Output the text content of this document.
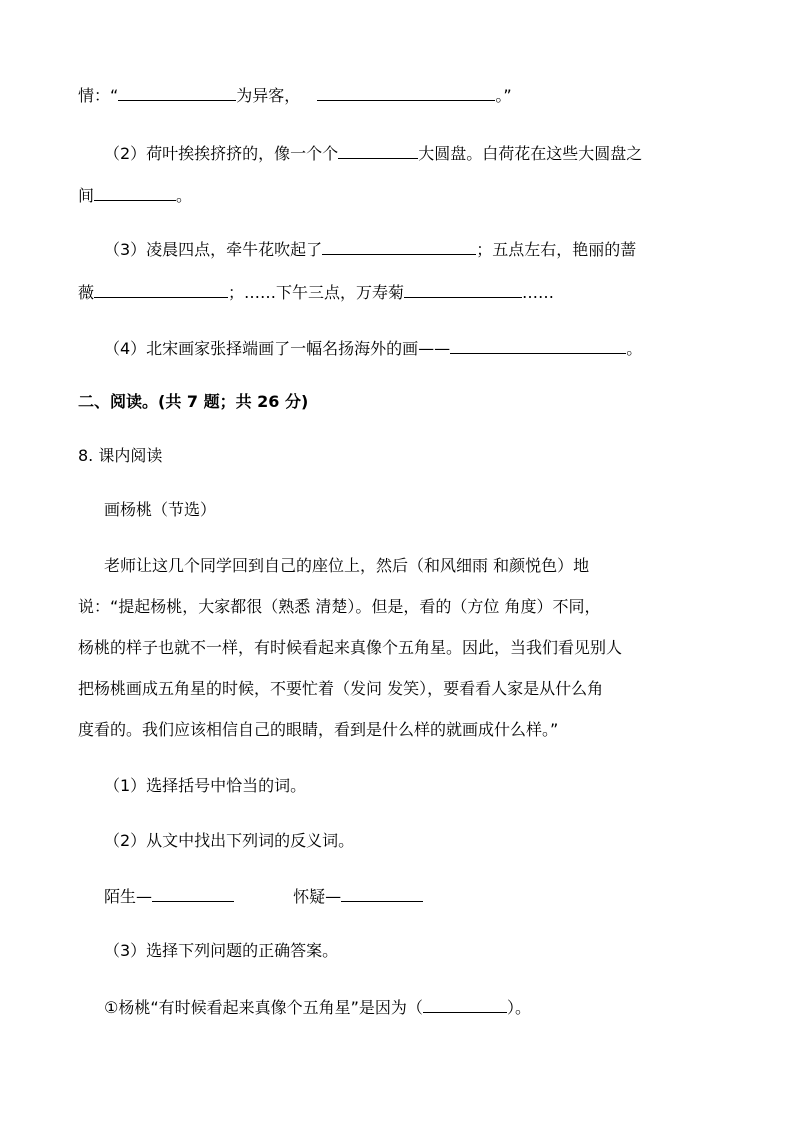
情：“	为异客，	。”
（2）荷叶挨挨挤挤的，像一个个	大圆盘。白荷花在这些大圆盘之
间	。
（3）凌晨四点，牵牛花吹起了	；五点左右，艳丽的蔷
薇	；……下午三点，万寿菊	……
（4）北宋画家张择端画了一幅名扬海外的画——	。
二、阅读。(共 7 题；共 26 分)
8. 课内阅读
画杨桃（节选）
老师让这几个同学回到自己的座位上，然后（和风细雨 和颜悦色）地
说：“提起杨桃，大家都很（熟悉 清楚）。但是，看的（方位 角度）不同，
杨桃的样子也就不一样，有时候看起来真像个五角星。因此，当我们看见别人
把杨桃画成五角星的时候，不要忙着（发问 发笑），要看看人家是从什么角
度看的。我们应该相信自己的眼睛，看到是什么样的就画成什么样。”
（1）选择括号中恰当的词。
（2）从文中找出下列词的反义词。
陌生—	怀疑—
（3）选择下列问题的正确答案。
①杨桃“有时候看起来真像个五角星”是因为（	）。
